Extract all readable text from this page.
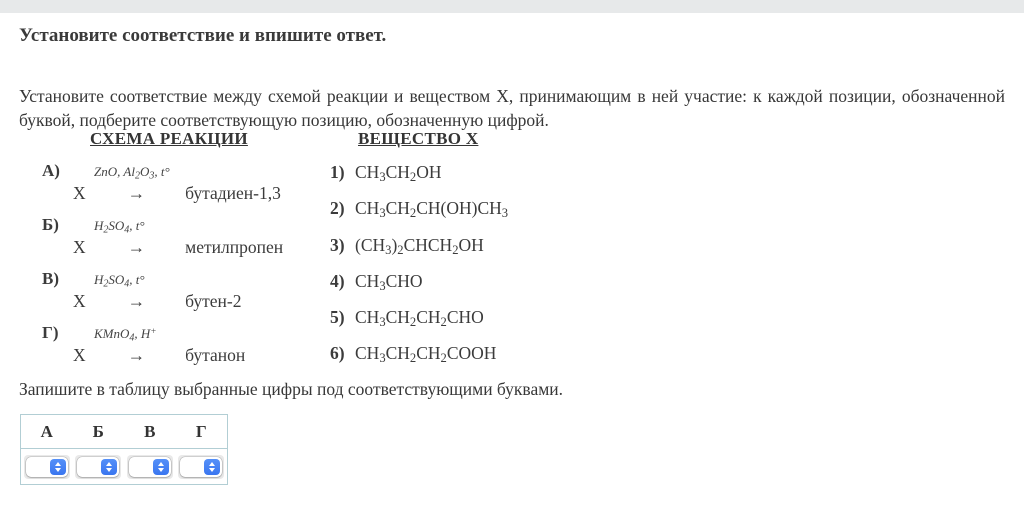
Установите соответствие и впишите ответ.

Установите соответствие между схемой реакции и веществом X, принимающим в ней участие: к каждой позиции, обозначенной буквой, подберите соответствующую позицию, обозначенную цифрой.

СХЕМА РЕАКЦИИ	ВЕЩЕСТВО X
А)	ZnO, $Al_2O_3$, t°
X → бутадиен-1,3
Б)	$H_2SO_4$, t°
X → метилпропен
В)	$H_2SO_4$, t°
X → бутен-2
Г)	KMnO$_4$, H+
X → бутанон
1) $CH_3CH_2OH$
2) $CH_3CH_2CH(OH)CH_3$
3) $(CH_3)_2CHCH_2OH$
4) $CH_3CHO$
5) $CH_3CH_2CH_2CHO$
6) $CH_3CH_2CH_2COOH$
Запишите в таблицу выбранные цифры под соответствующими буквами.
А	Б	В	Г
